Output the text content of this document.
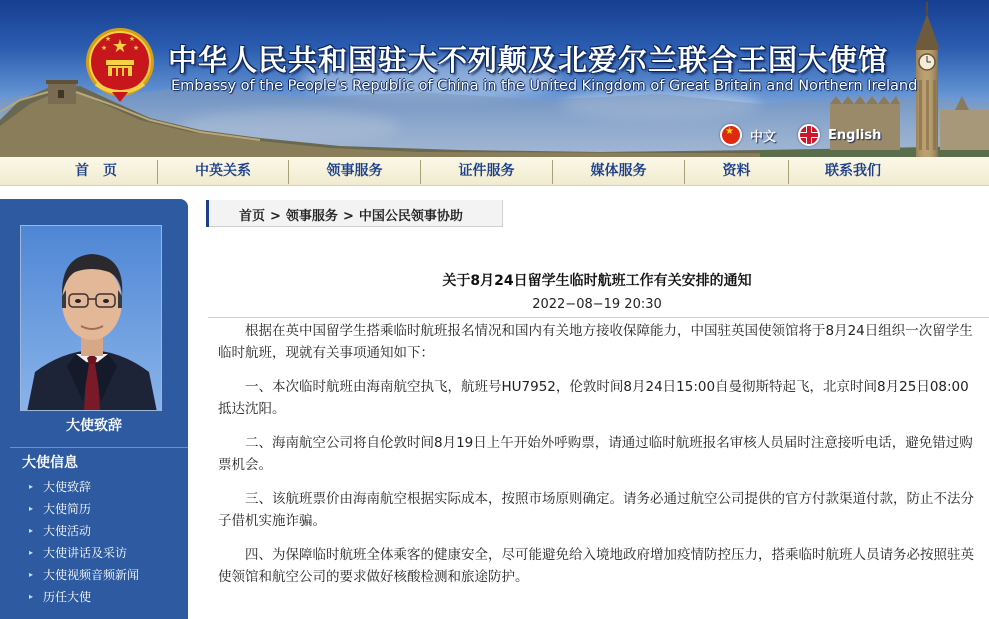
★
★
★	★
★ 中华人民共和国驻大不列颠及北爱尔兰联合王国大使馆
Embassy of the People's Republic of China in the United Kingdom of Great Britain and Northern Ireland
★
中文	English
首　页	中英关系	领事服务	证件服务	媒体服务	资料	联系我们
大使致辞
大使信息
▸ 大使致辞
▸ 大使简历
▸ 大使活动
▸ 大使讲话及采访
▸ 大使视频音频新闻
▸ 历任大使
首页 > 领事服务 > 中国公民领事协助
关于8月24日留学生临时航班工作有关安排的通知
2022−08−19 20:30

根据在英中国留学生搭乘临时航班报名情况和国内有关地方接收保障能力，中国驻英国使领馆将于8月24日组织一次留学生临时航班，现就有关事项通知如下：

一、本次临时航班由海南航空执飞，航班号HU7952，伦敦时间8月24日15:00自曼彻斯特起飞，北京时间8月25日08:00抵达沈阳。

二、海南航空公司将自伦敦时间8月19日上午开始外呼购票，请通过临时航班报名审核人员届时注意接听电话，避免错过购票机会。

三、该航班票价由海南航空根据实际成本，按照市场原则确定。请务必通过航空公司提供的官方付款渠道付款，防止不法分子借机实施诈骗。

四、为保障临时航班全体乘客的健康安全，尽可能避免给入境地政府增加疫情防控压力，搭乘临时航班人员请务必按照驻英使领馆和航空公司的要求做好核酸检测和旅途防护。
